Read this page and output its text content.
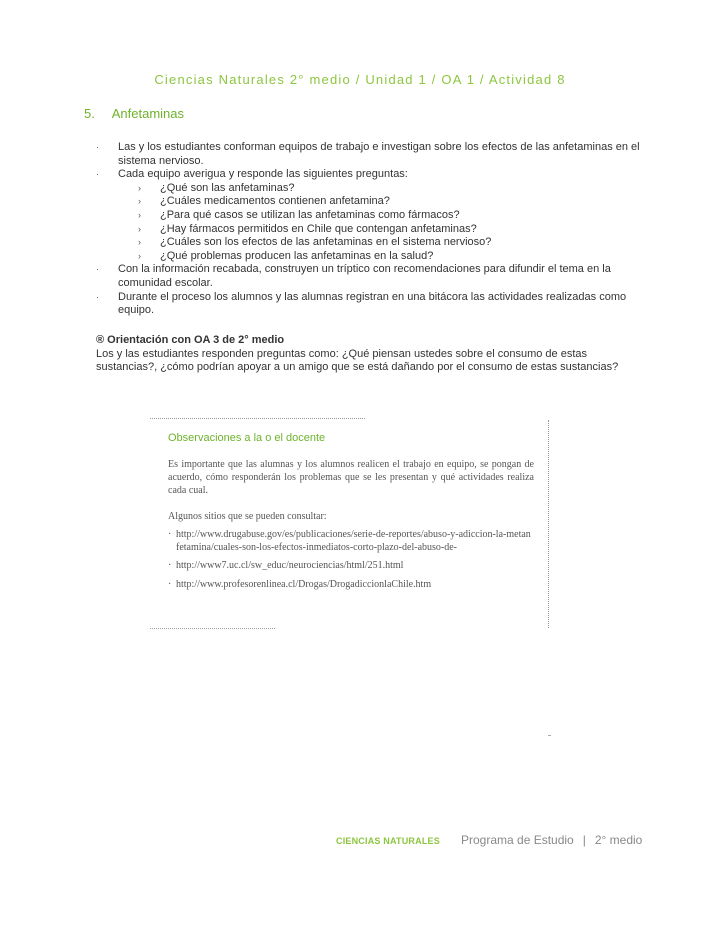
Ciencias Naturales 2° medio / Unidad 1 / OA 1 / Actividad 8
5. Anfetaminas
· Las y los estudiantes conforman equipos de trabajo e investigan sobre los efectos de las anfetaminas en el sistema nervioso.
· Cada equipo averigua y responde las siguientes preguntas:
› ¿Qué son las anfetaminas?
› ¿Cuáles medicamentos contienen anfetamina?
› ¿Para qué casos se utilizan las anfetaminas como fármacos?
› ¿Hay fármacos permitidos en Chile que contengan anfetaminas?
› ¿Cuáles son los efectos de las anfetaminas en el sistema nervioso?
› ¿Qué problemas producen las anfetaminas en la salud?
· Con la información recabada, construyen un tríptico con recomendaciones para difundir el tema en la comunidad escolar.
· Durante el proceso los alumnos y las alumnas registran en una bitácora las actividades realizadas como equipo.
® Orientación con OA 3 de 2° medio
Los y las estudiantes responden preguntas como: ¿Qué piensan ustedes sobre el consumo de estas sustancias?, ¿cómo podrían apoyar a un amigo que se está dañando por el consumo de estas sustancias?
Observaciones a la o el docente
Es importante que las alumnas y los alumnos realicen el trabajo en equipo, se pongan de acuerdo, cómo responderán los problemas que se les presentan y qué actividades realiza cada cual.
Algunos sitios que se pueden consultar:
· http://www.drugabuse.gov/es/publicaciones/serie-de-reportes/abuso-y-adiccion-la-metanfetamina/cuales-son-los-efectos-inmediatos-corto-plazo-del-abuso-de-
· http://www7.uc.cl/sw_educ/neurociencias/html/251.html
· http://www.profesorenlinea.cl/Drogas/DrogadiccionlaChile.htm
CIENCIAS NATURALES Programa de Estudio | 2° medio
